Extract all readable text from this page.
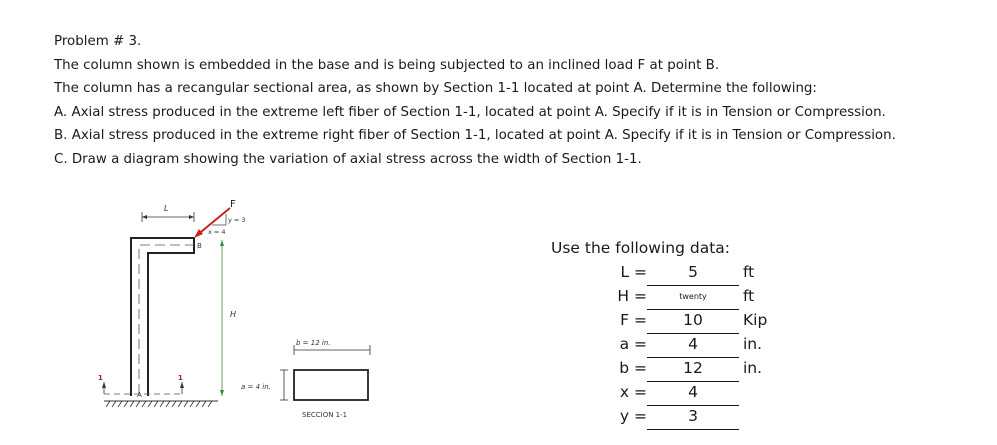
Problem # 3.
The column shown is embedded in the base and is being subjected to an inclined load F at point B.
The column has a recangular sectional area, as shown by Section 1-1 located at point A. Determine the following:
A. Axial stress produced in the extreme left fiber of Section 1-1, located at point A. Specify if it is in Tension or Compression.
B. Axial stress produced in the extreme right fiber of Section 1-1, located at point A. Specify if it is in Tension or Compression.
C. Draw a diagram showing the variation of axial stress across the width of Section 1-1.
L	F
y = 3
x = 4
B
H
1	1
A
b = 12 in.
a = 4 in.
SECCION 1-1
Use the following data:
L =	5	ft
H =	twenty	ft
F =	10	Kip
a =	4	in.
b =	12	in.
x =	4
y =	3
